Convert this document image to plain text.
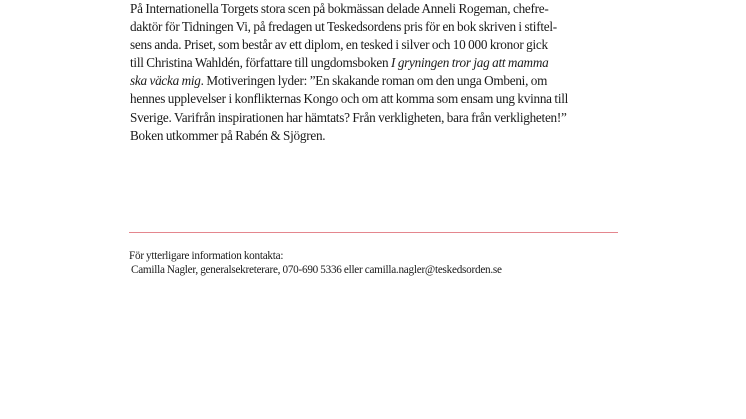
På Internationella Torgets stora scen på bokmässan delade Anneli Rogeman, chefre-
daktör för Tidningen Vi, på fredagen ut Teskedsordens pris för en bok skriven i stiftel-
sens anda. Priset, som består av ett diplom, en tesked i silver och 10 000 kronor gick
till Christina Wahldén, författare till ungdomsboken I gryningen tror jag att mamma
ska väcka mig. Motiveringen lyder: ”En skakande roman om den unga Ombeni, om
hennes upplevelser i konflikternas Kongo och om att komma som ensam ung kvinna till
Sverige. Varifrån inspirationen har hämtats? Från verkligheten, bara från verkligheten!”
Boken utkommer på Rabén & Sjögren.
För ytterligare information kontakta:
Camilla Nagler, generalsekreterare, 070-690 5336 eller camilla.nagler@teskedsorden.se
